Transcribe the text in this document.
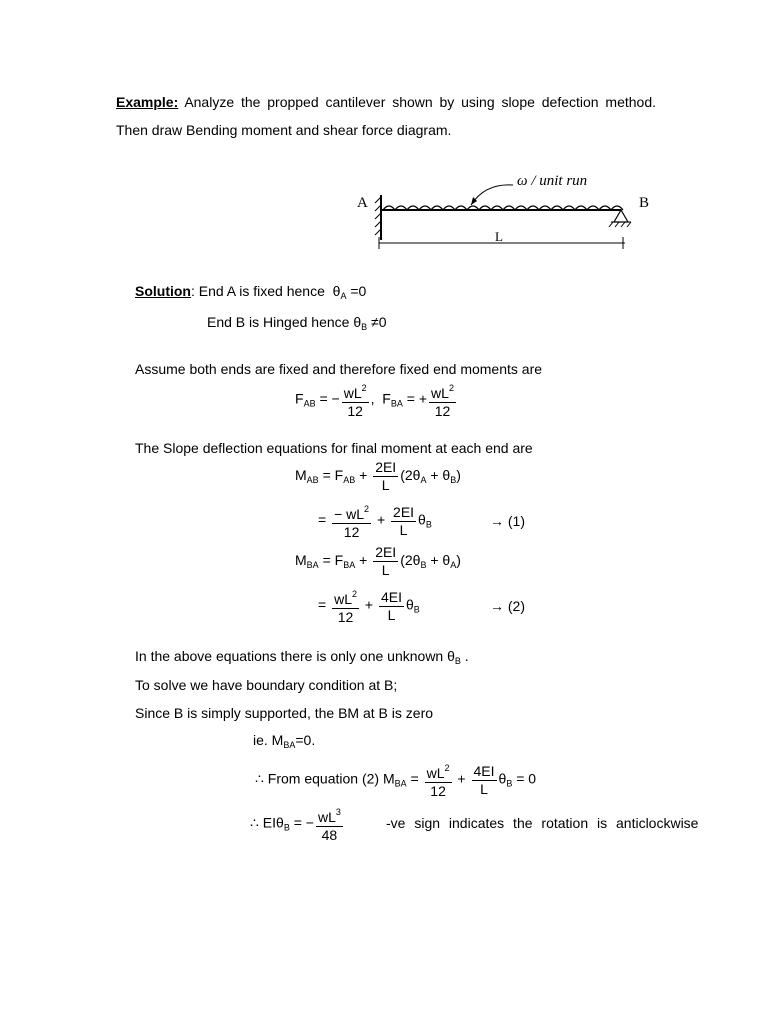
Example: Analyze the propped cantilever shown by using slope defection method. Then draw Bending moment and shear force diagram.
A	B
ω / unit run
L
Solution: End A is fixed hence  $\theta_A =0$
End B is Hinged hence $\theta_B \ne 0$
Assume both ends are fixed and therefore fixed end moments are
$F_{AB}$ = − $\frac{wL^2}{12}$ ,  $F_{BA}$ = + $\frac{wL^2}{12}$
The Slope deflection equations for final moment at each end are
$M_{AB} = F_{AB} + \frac{2EI}{L} (2\theta_A + \theta_B)$
= $\frac{- wL^2}{12} + \frac{2EI}{L} \theta_B$	→ (1)
$M_{BA} = F_{BA} + \frac{2EI}{L} (2\theta_B + \theta_A)$
= $\frac{wL^2}{12} + \frac{4EI}{L} \theta_B$	→ (2)
In the above equations there is only one unknown $\theta_B$ .
To solve we have boundary condition at B;
Since B is simply supported, the BM at B is zero
ie. $M_{BA}=0$.
∴ From equation (2) $M_{BA} = \frac{wL^2}{12} + \frac{4EI}{L} \theta_B = 0$
∴ EIθ$_B$ = − $\frac{wL^3}{48}$	-ve sign indicates the rotation is anticlockwise
